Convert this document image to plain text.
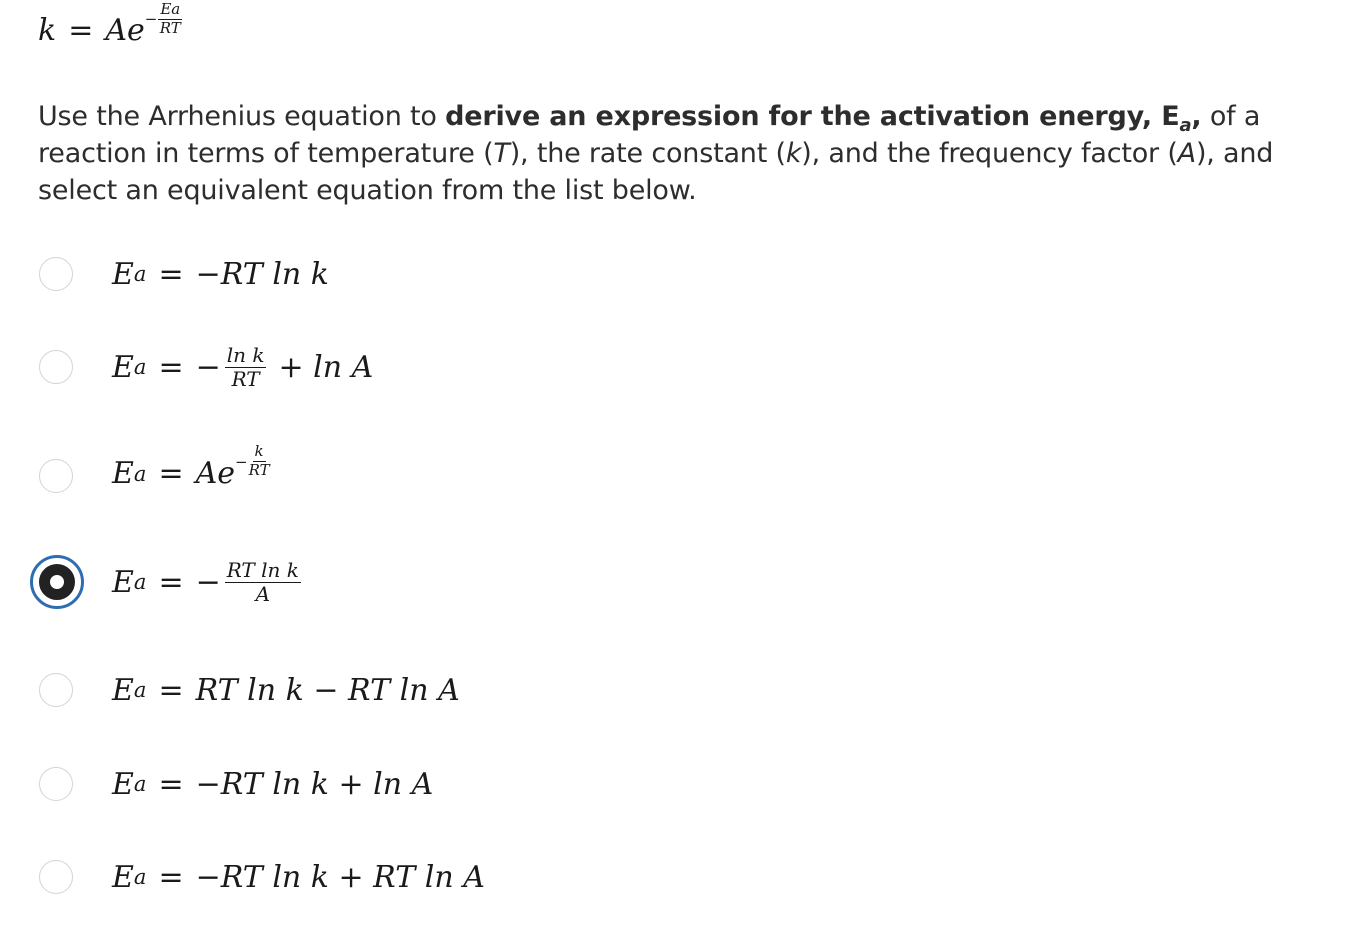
$k = Ae - \frac{Ea}{RT}$
Use the Arrhenius equation to derive an expression for the activation energy, $E_a$, of a reaction in terms of temperature (T), the rate constant (k), and the frequency factor (A), and select an equivalent equation from the list below.
E a = −RT ln k
E a = − $\frac{\text{ln k}}{RT} + \ln A$
E $a = Ae - \frac{k}{RT}$
E a = − $\frac{\text{RT ln k}}{A}$
E a = RT ln k − RT ln A
E a = −RT ln k + ln A
E a = −RT ln k + RT ln A
